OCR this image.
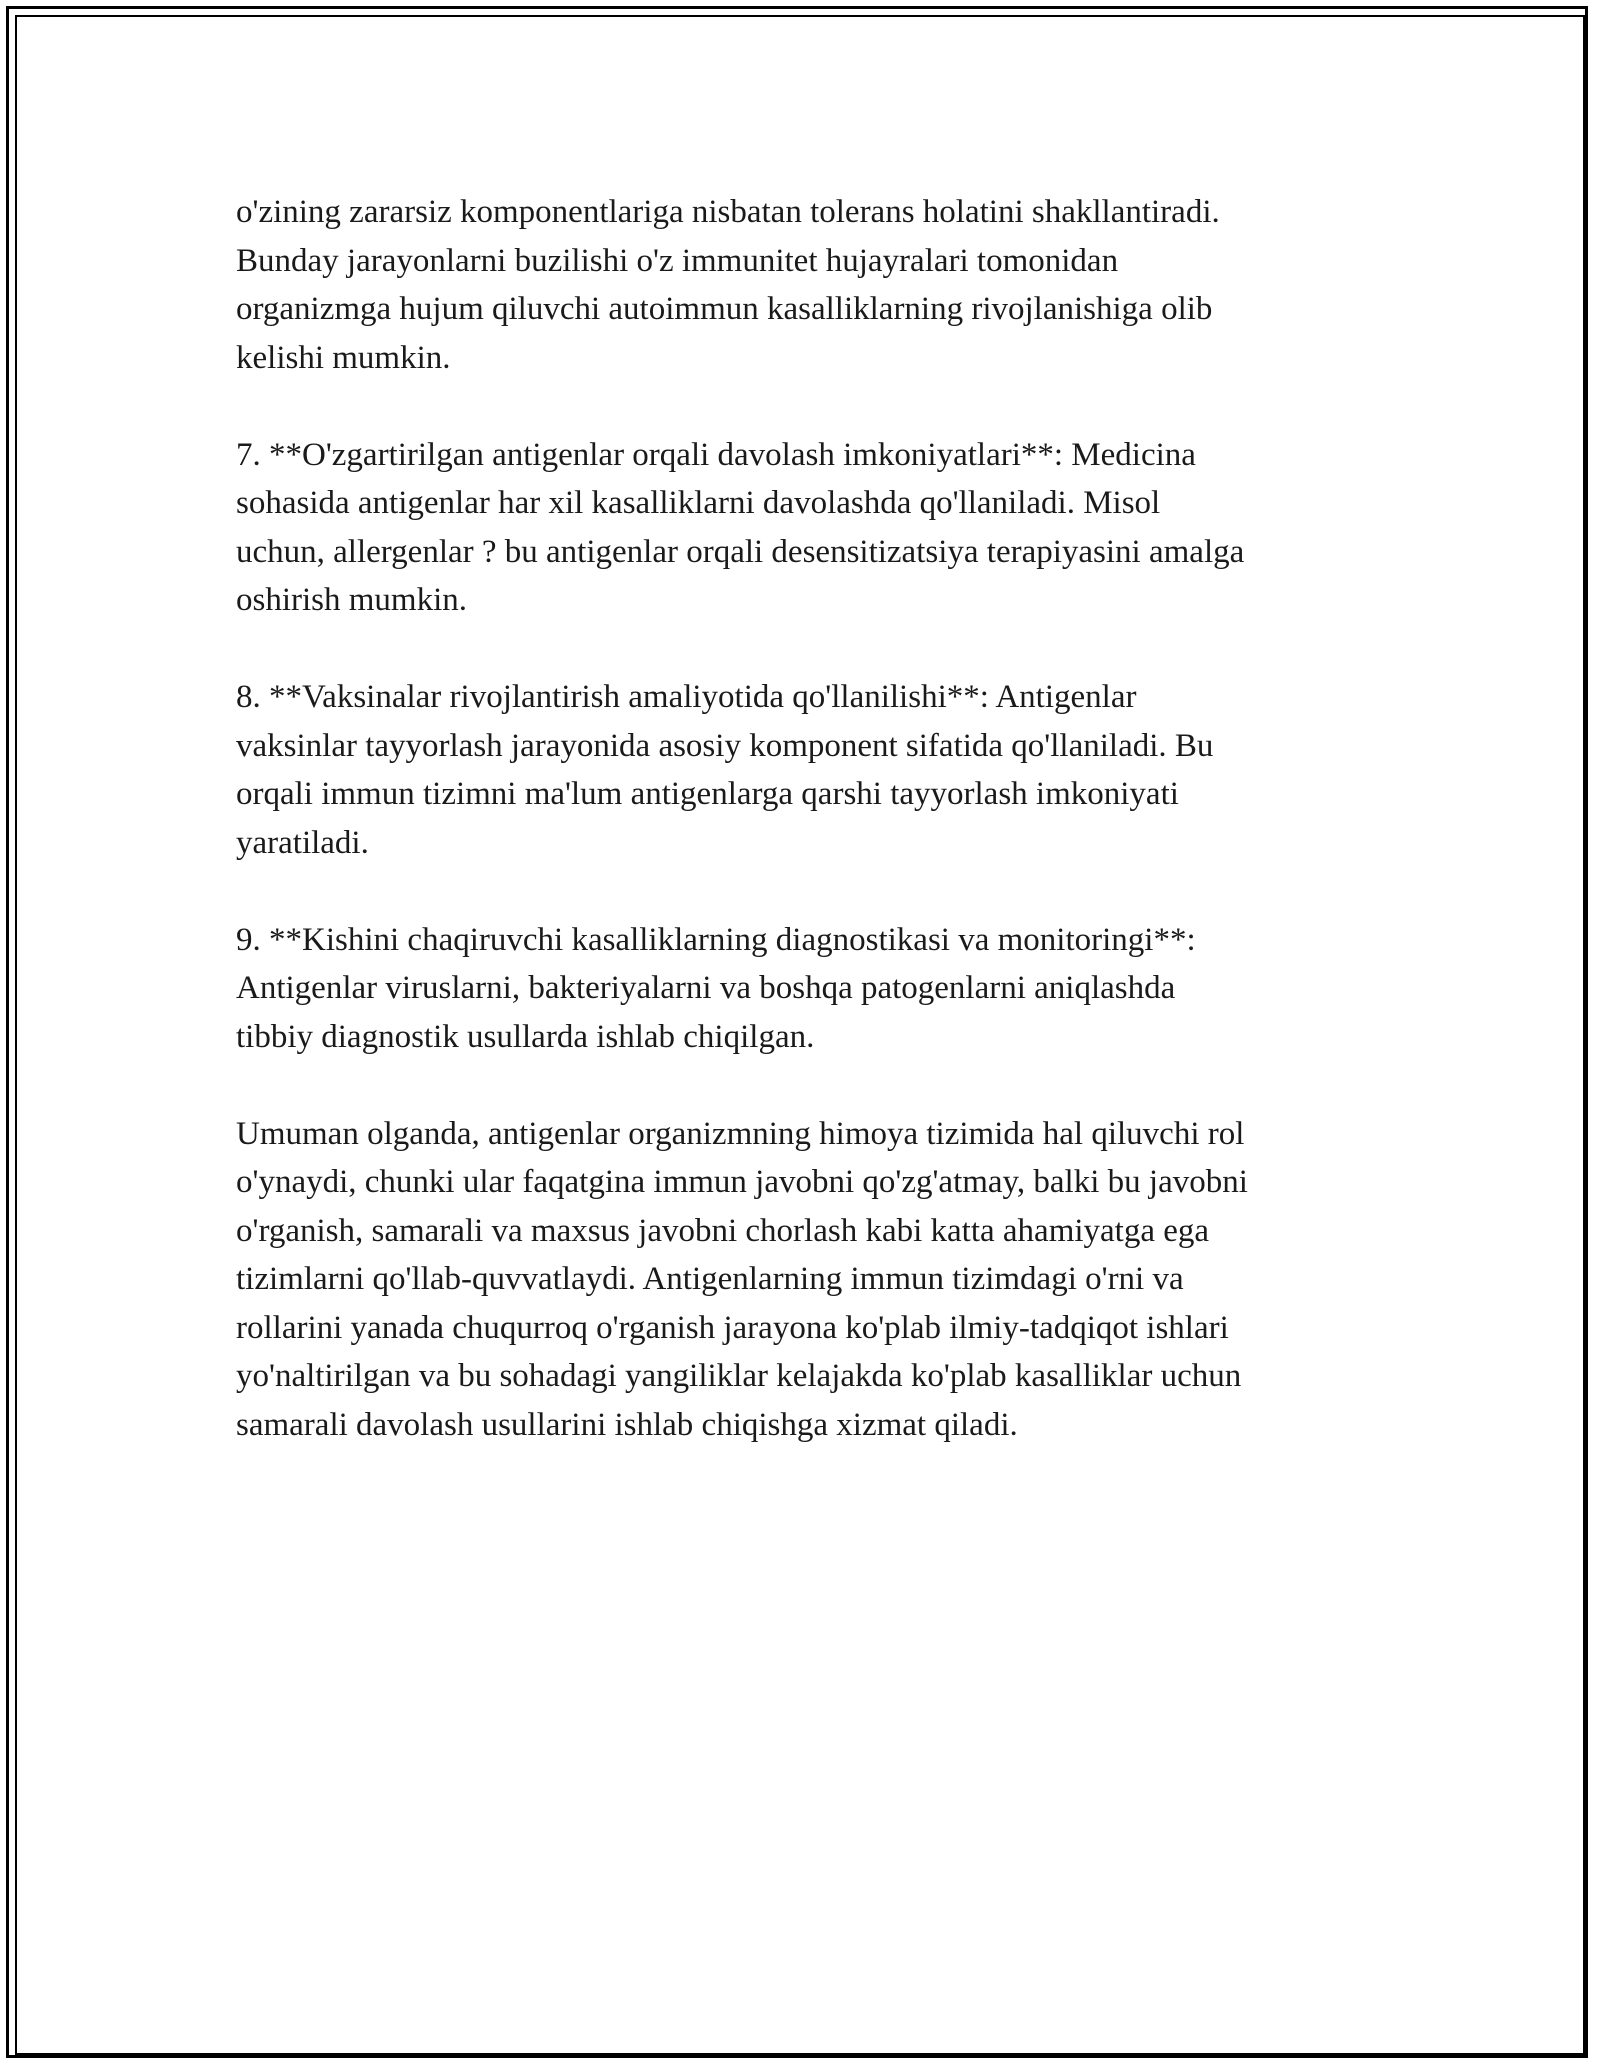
o'zining zararsiz komponentlariga nisbatan tolerans holatini shakllantiradi.
Bunday jarayonlarni buzilishi o'z immunitet hujayralari tomonidan
organizmga hujum qiluvchi autoimmun kasalliklarning rivojlanishiga olib
kelishi mumkin.

7. **O'zgartirilgan antigenlar orqali davolash imkoniyatlari**: Medicina
sohasida antigenlar har xil kasalliklarni davolashda qo'llaniladi. Misol
uchun, allergenlar ? bu antigenlar orqali desensitizatsiya terapiyasini amalga
oshirish mumkin.

8. **Vaksinalar rivojlantirish amaliyotida qo'llanilishi**: Antigenlar
vaksinlar tayyorlash jarayonida asosiy komponent sifatida qo'llaniladi. Bu
orqali immun tizimni ma'lum antigenlarga qarshi tayyorlash imkoniyati
yaratiladi.

9. **Kishini chaqiruvchi kasalliklarning diagnostikasi va monitoringi**:
Antigenlar viruslarni, bakteriyalarni va boshqa patogenlarni aniqlashda
tibbiy diagnostik usullarda ishlab chiqilgan.

Umuman olganda, antigenlar organizmning himoya tizimida hal qiluvchi rol
o'ynaydi, chunki ular faqatgina immun javobni qo'zg'atmay, balki bu javobni
o'rganish, samarali va maxsus javobni chorlash kabi katta ahamiyatga ega
tizimlarni qo'llab-quvvatlaydi. Antigenlarning immun tizimdagi o'rni va
rollarini yanada chuqurroq o'rganish jarayona ko'plab ilmiy-tadqiqot ishlari
yo'naltirilgan va bu sohadagi yangiliklar kelajakda ko'plab kasalliklar uchun
samarali davolash usullarini ishlab chiqishga xizmat qiladi.
